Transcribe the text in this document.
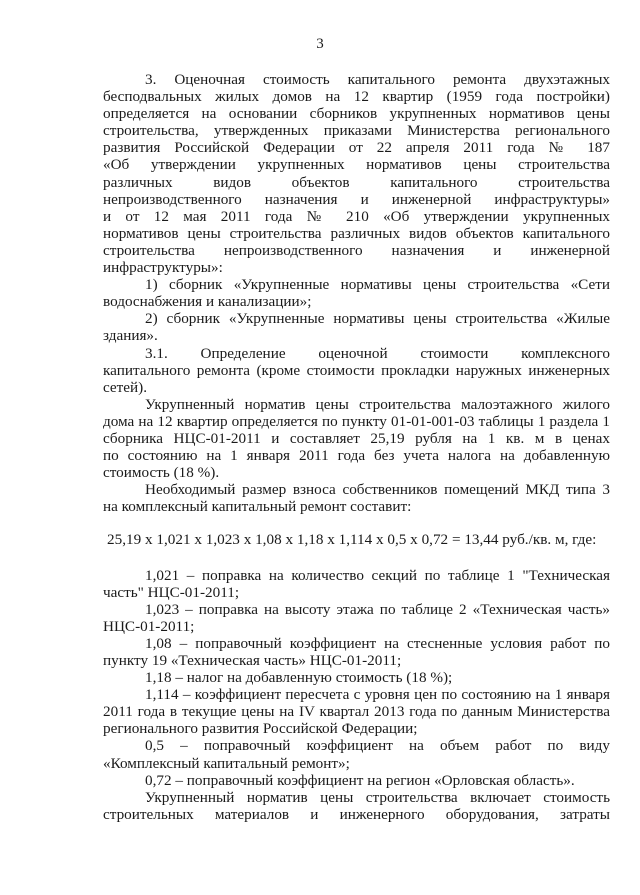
3
3. Оценочная стоимость капитального ремонта двухэтажных
бесподвальных жилых домов на 12 квартир (1959 года постройки)
определяется на основании сборников укрупненных нормативов цены
строительства, утвержденных приказами Министерства регионального
развития Российской Федерации от 22 апреля 2011 года № 187
«Об утверждении укрупненных нормативов цены строительства
различных видов объектов капитального строительства
непроизводственного назначения и инженерной инфраструктуры»
и от 12 мая 2011 года № 210 «Об утверждении укрупненных
нормативов цены строительства различных видов объектов капитального
строительства непроизводственного назначения и инженерной
инфраструктуры»:
1) сборник «Укрупненные нормативы цены строительства «Сети
водоснабжения и канализации»;
2) сборник «Укрупненные нормативы цены строительства «Жилые
здания».
3.1. Определение оценочной стоимости комплексного
капитального ремонта (кроме стоимости прокладки наружных инженерных
сетей).
Укрупненный норматив цены строительства малоэтажного жилого
дома на 12 квартир определяется по пункту 01-01-001-03 таблицы 1 раздела 1
сборника НЦС-01-2011 и составляет 25,19 рубля на 1 кв. м в ценах
по состоянию на 1 января 2011 года без учета налога на добавленную
стоимость (18 %).
Необходимый размер взноса собственников помещений МКД типа 3
на комплексный капитальный ремонт составит:
25,19 х 1,021 х 1,023 х 1,08 х 1,18 х 1,114 х 0,5 х 0,72 = 13,44 руб./кв. м, где:
1,021 – поправка на количество секций по таблице 1 "Техническая
часть" НЦС-01-2011;
1,023 – поправка на высоту этажа по таблице 2 «Техническая часть»
НЦС-01-2011;
1,08 – поправочный коэффициент на стесненные условия работ по
пункту 19 «Техническая часть» НЦС-01-2011;
1,18 – налог на добавленную стоимость (18 %);
1,114 – коэффициент пересчета с уровня цен по состоянию на 1 января
2011 года в текущие цены на IV квартал 2013 года по данным Министерства
регионального развития Российской Федерации;
0,5 – поправочный коэффициент на объем работ по виду
«Комплексный капитальный ремонт»;
0,72 – поправочный коэффициент на регион «Орловская область».
Укрупненный норматив цены строительства включает стоимость
строительных материалов и инженерного оборудования, затраты
